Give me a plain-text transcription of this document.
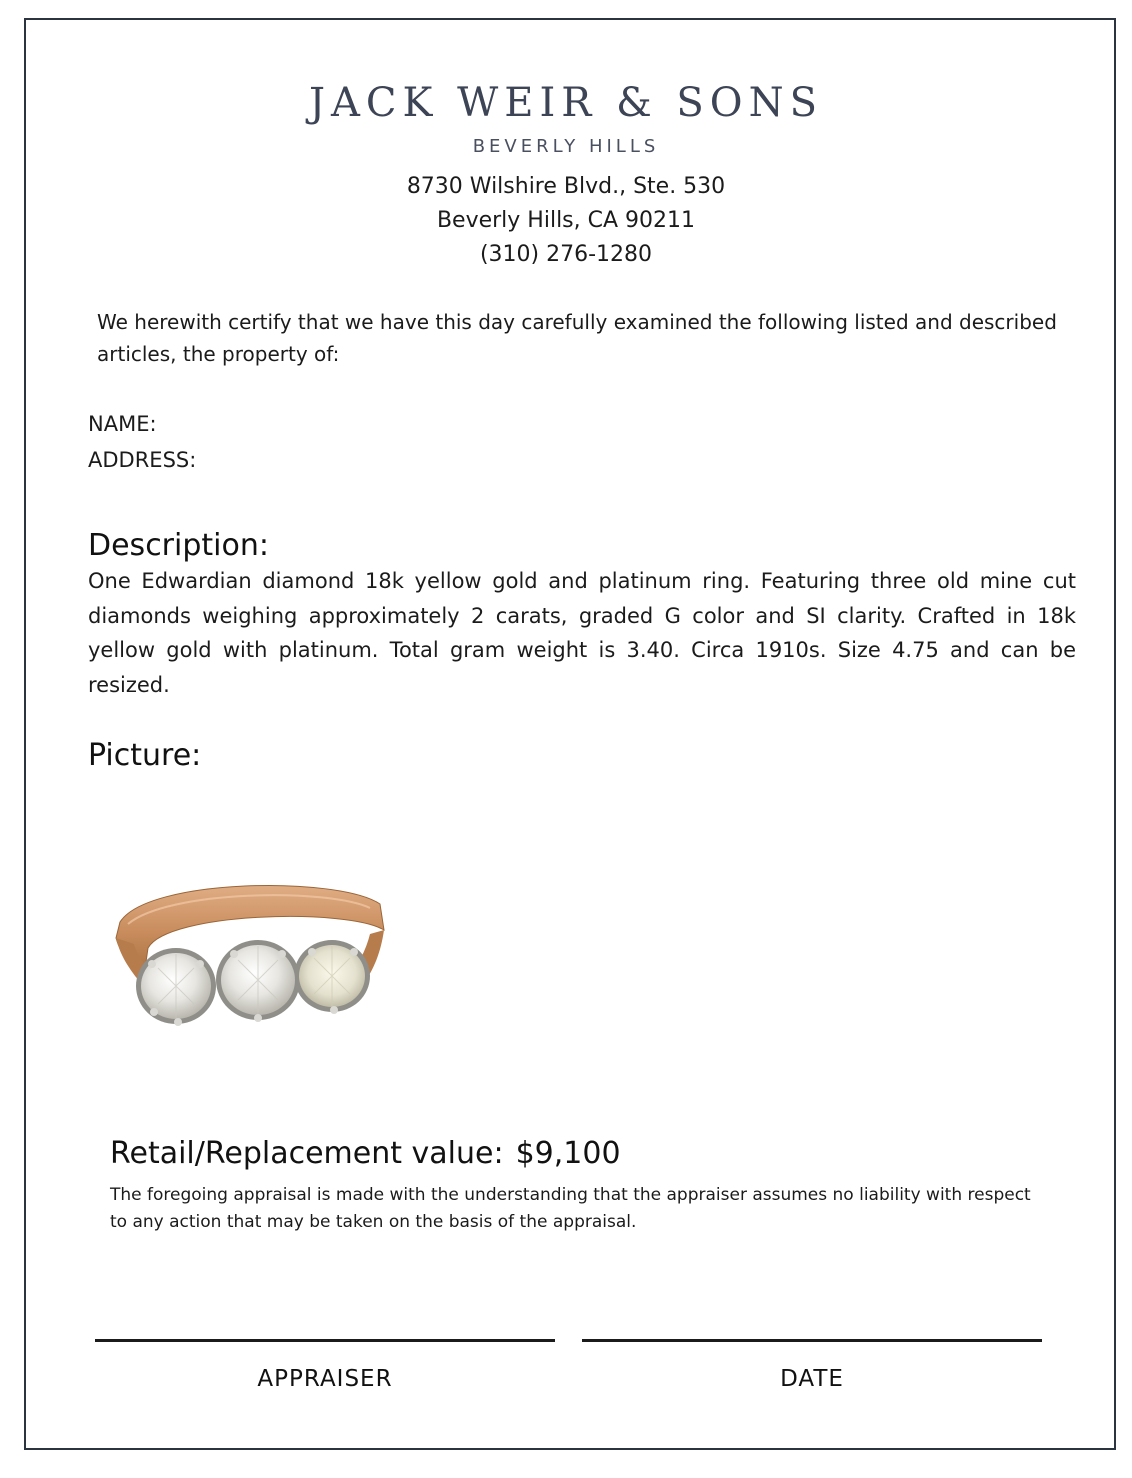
JACK WEIR & SONS
BEVERLY HILLS
8730 Wilshire Blvd., Ste. 530
Beverly Hills, CA 90211
(310) 276-1280
We herewith certify that we have this day carefully examined the following listed and described articles, the property of:
NAME:
ADDRESS:
Description:
One Edwardian diamond 18k yellow gold and platinum ring. Featuring three old mine cut diamonds weighing approximately 2 carats, graded G color and SI clarity. Crafted in 18k yellow gold with platinum. Total gram weight is 3.40. Circa 1910s. Size 4.75 and can be resized.
Picture:
Retail/Replacement value: $9,100
The foregoing appraisal is made with the understanding that the appraiser assumes no liability with respect to any action that may be taken on the basis of the appraisal.
APPRAISER	DATE
